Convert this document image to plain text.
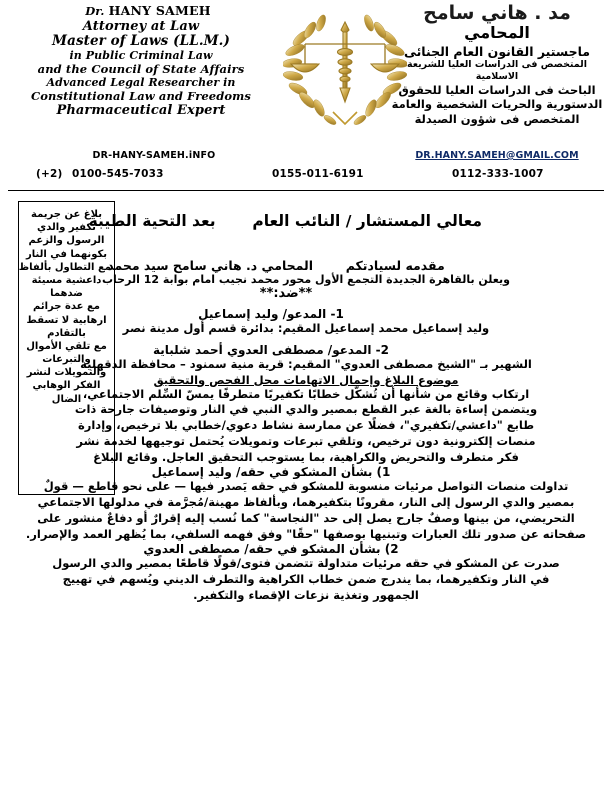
Dr. HANY SAMEH
Attorney at Law
Master of Laws (LL.M.)
in Public Criminal Law
and the Council of State Affairs
Advanced Legal Researcher in
Constitutional Law and Freedoms
Pharmaceutical Expert
DR-HANY-SAMEH.iNFO
مد . هاني سامح
المحامي
ماجستير القانون العام الجنائى
المتخصص فى الدراسات العليا للشريعة الاسلامية
الباحث فى الدراسات العليا للحقوق
الدستورية والحريات الشخصية والعامة
المتخصص فى شؤون الصيدلة
DR.HANY.SAMEH@GMAIL.COM
(+2) 0100-545-7033	0155-011-6191	0112-333-1007
بلاغ عن جريمة
تكفير والدي
الرسول والزعم
بكونهما في النار
مع التطاول بألفاظ
داعشية مسيئة
ضدهما
مع عدة جرائم
ارهابية لا تسقط
بالتقادم
مع تلقي الأموال
والتبرعات
والتمويلات لنشر
الفكر الوهابي
الضال
معالي المستشار / النائب العام  بعد التحية الطيبة
مقدمه لسيادتكم  المحامي د. هاني سامح سيد محمد
ويعلن بالقاهرة الجديدة التجمع الأول محور محمد نجيب امام بوابة 12 الرحاب
**ضد:**
1- المدعو/ وليد إسماعيل
وليد إسماعيل محمد إسماعيل المقيم: بدائرة قسم أول مدينة نصر
2- المدعو/ مصطفى العدوي أحمد شلباية
الشهير بـ "الشيخ مصطفى العدوي" المقيم: قرية منية سمنود – محافظة الدقهلية
موضوع البلاغ وإجمال الاتهامات محل الفحص والتحقيق
ارتكاب وقائع من شأنها أن تُشكّل خطابًا تكفيريًا متطرفًا يمسّ السِّلم الاجتماعي،
ويتضمن إساءة بالغة عبر القطع بمصير والدي النبي في النار وتوصيفات جارحة ذات
طابع "داعشي/تكفيري"، فضلًا عن ممارسة نشاط دعوي/خطابي بلا ترخيص، وإدارة
منصات إلكترونية دون ترخيص، وتلقي تبرعات وتمويلات يُحتمل توجيهها لخدمة نشر
فكر متطرف والتحريض والكراهية، بما يستوجب التحقيق العاجل. وقائع البلاغ
1) بشأن المشكو في حقه/ وليد إسماعيل
تداولت منصات التواصل مرئيات منسوبة للمشكو في حقه يَصدر فيها — على نحو قاطع — قولٌ
بمصير والدي الرسول إلى النار، مقرونًا بتكفيرهما، وبألفاظ مهينة/مُجرَّمة في مدلولها الاجتماعي
التحريضي، من بينها وصفٌ جارح يصل إلى حد "النجاسة" كما نُسب إليه إقرارٌ أو دفاعٌ منشور على
صفحاته عن صدور تلك العبارات وتبنيها بوصفها "حقًا" وفق فهمه السلفي، بما يُظهر العمد والإصرار.
2) بشأن المشكو في حقه/ مصطفى العدوي
صدرت عن المشكو في حقه مرئيات متداولة تتضمن فتوى/قولًا قاطعًا بمصير والدي الرسول
في النار وتكفيرهما، بما يندرج ضمن خطاب الكراهية والتطرف الديني ويُسهم في تهييج
الجمهور وتغذية نزعات الإقصاء والتكفير.
